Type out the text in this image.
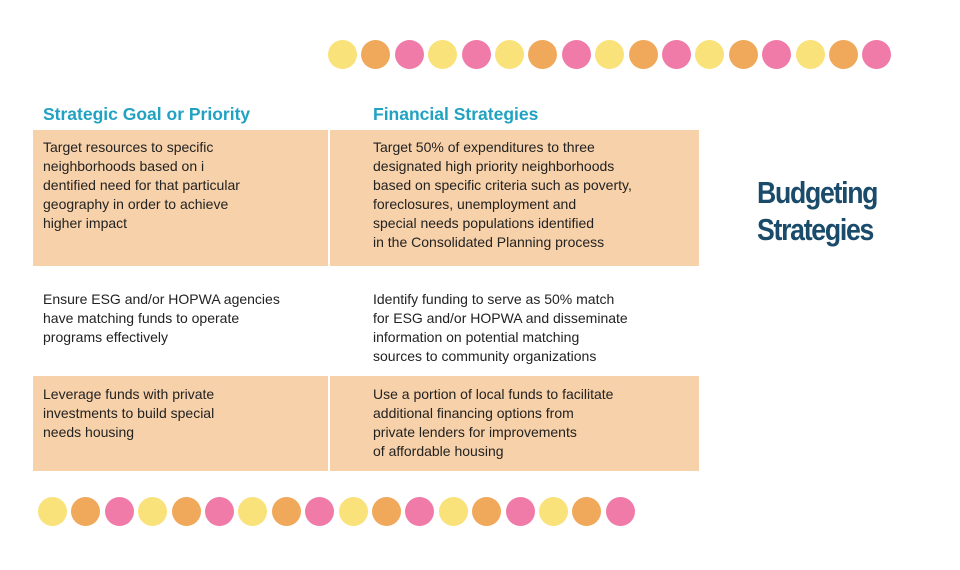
Strategic Goal or Priority	Financial Strategies
Target resources to specific
neighborhoods based on i
dentified need for that particular
geography in order to achieve
higher impact
Target 50% of expenditures to three
designated high priority neighborhoods
based on specific criteria such as poverty,
foreclosures, unemployment and
special needs populations identified
in the Consolidated Planning process
Ensure ESG and/or HOPWA agencies
have matching funds to operate
programs effectively
Identify funding to serve as 50% match
for ESG and/or HOPWA and disseminate
information on potential matching
sources to community organizations
Leverage funds with private
investments to build special
needs housing
Use a portion of local funds to facilitate
additional financing options from
private lenders for improvements
of affordable housing
Budgeting
Strategies
